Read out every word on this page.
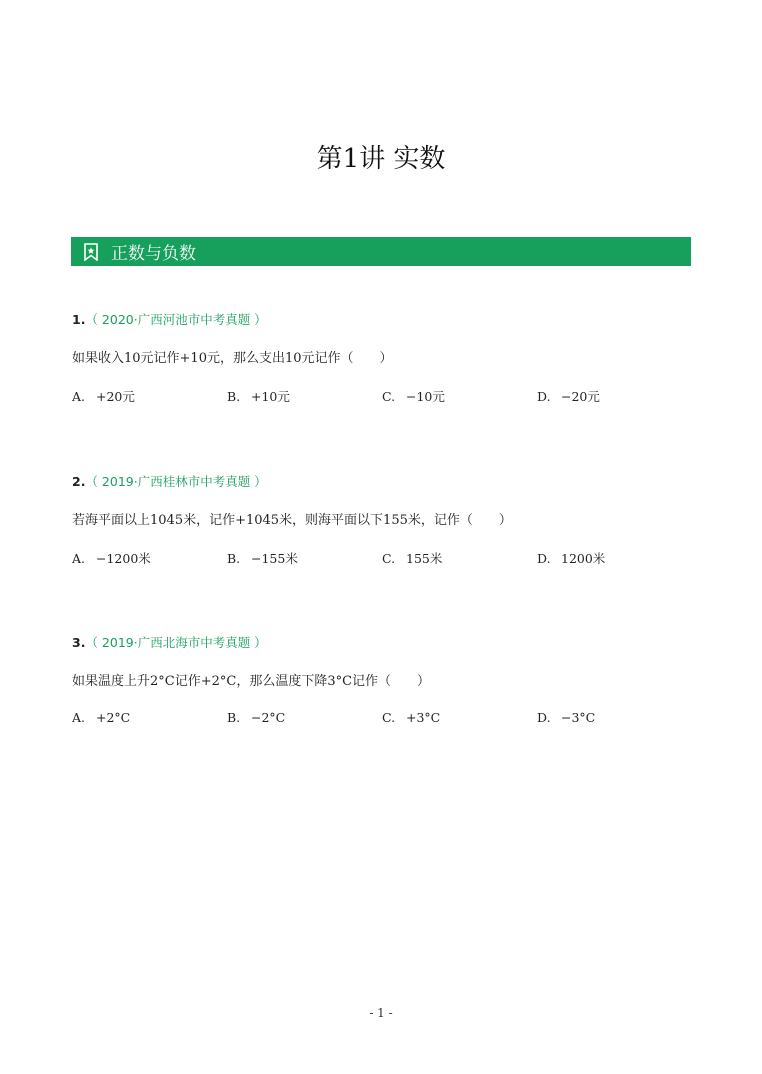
第1讲 实数
正数与负数
1.（ 2020·广西河池市中考真题 ）
如果收入10元记作+10元，那么支出10元记作（　　）
A. +20元	B. +10元	C. −10元	D. −20元
2.（ 2019·广西桂林市中考真题 ）
若海平面以上1045米，记作+1045米，则海平面以下155米，记作（　　）
A. −1200米	B. −155米	C. 155米	D. 1200米
3.（ 2019·广西北海市中考真题 ）
如果温度上升2°C记作+2°C，那么温度下降3°C记作（　　）
A. +2°C	B. −2°C	C. +3°C	D. −3°C
- 1 -
